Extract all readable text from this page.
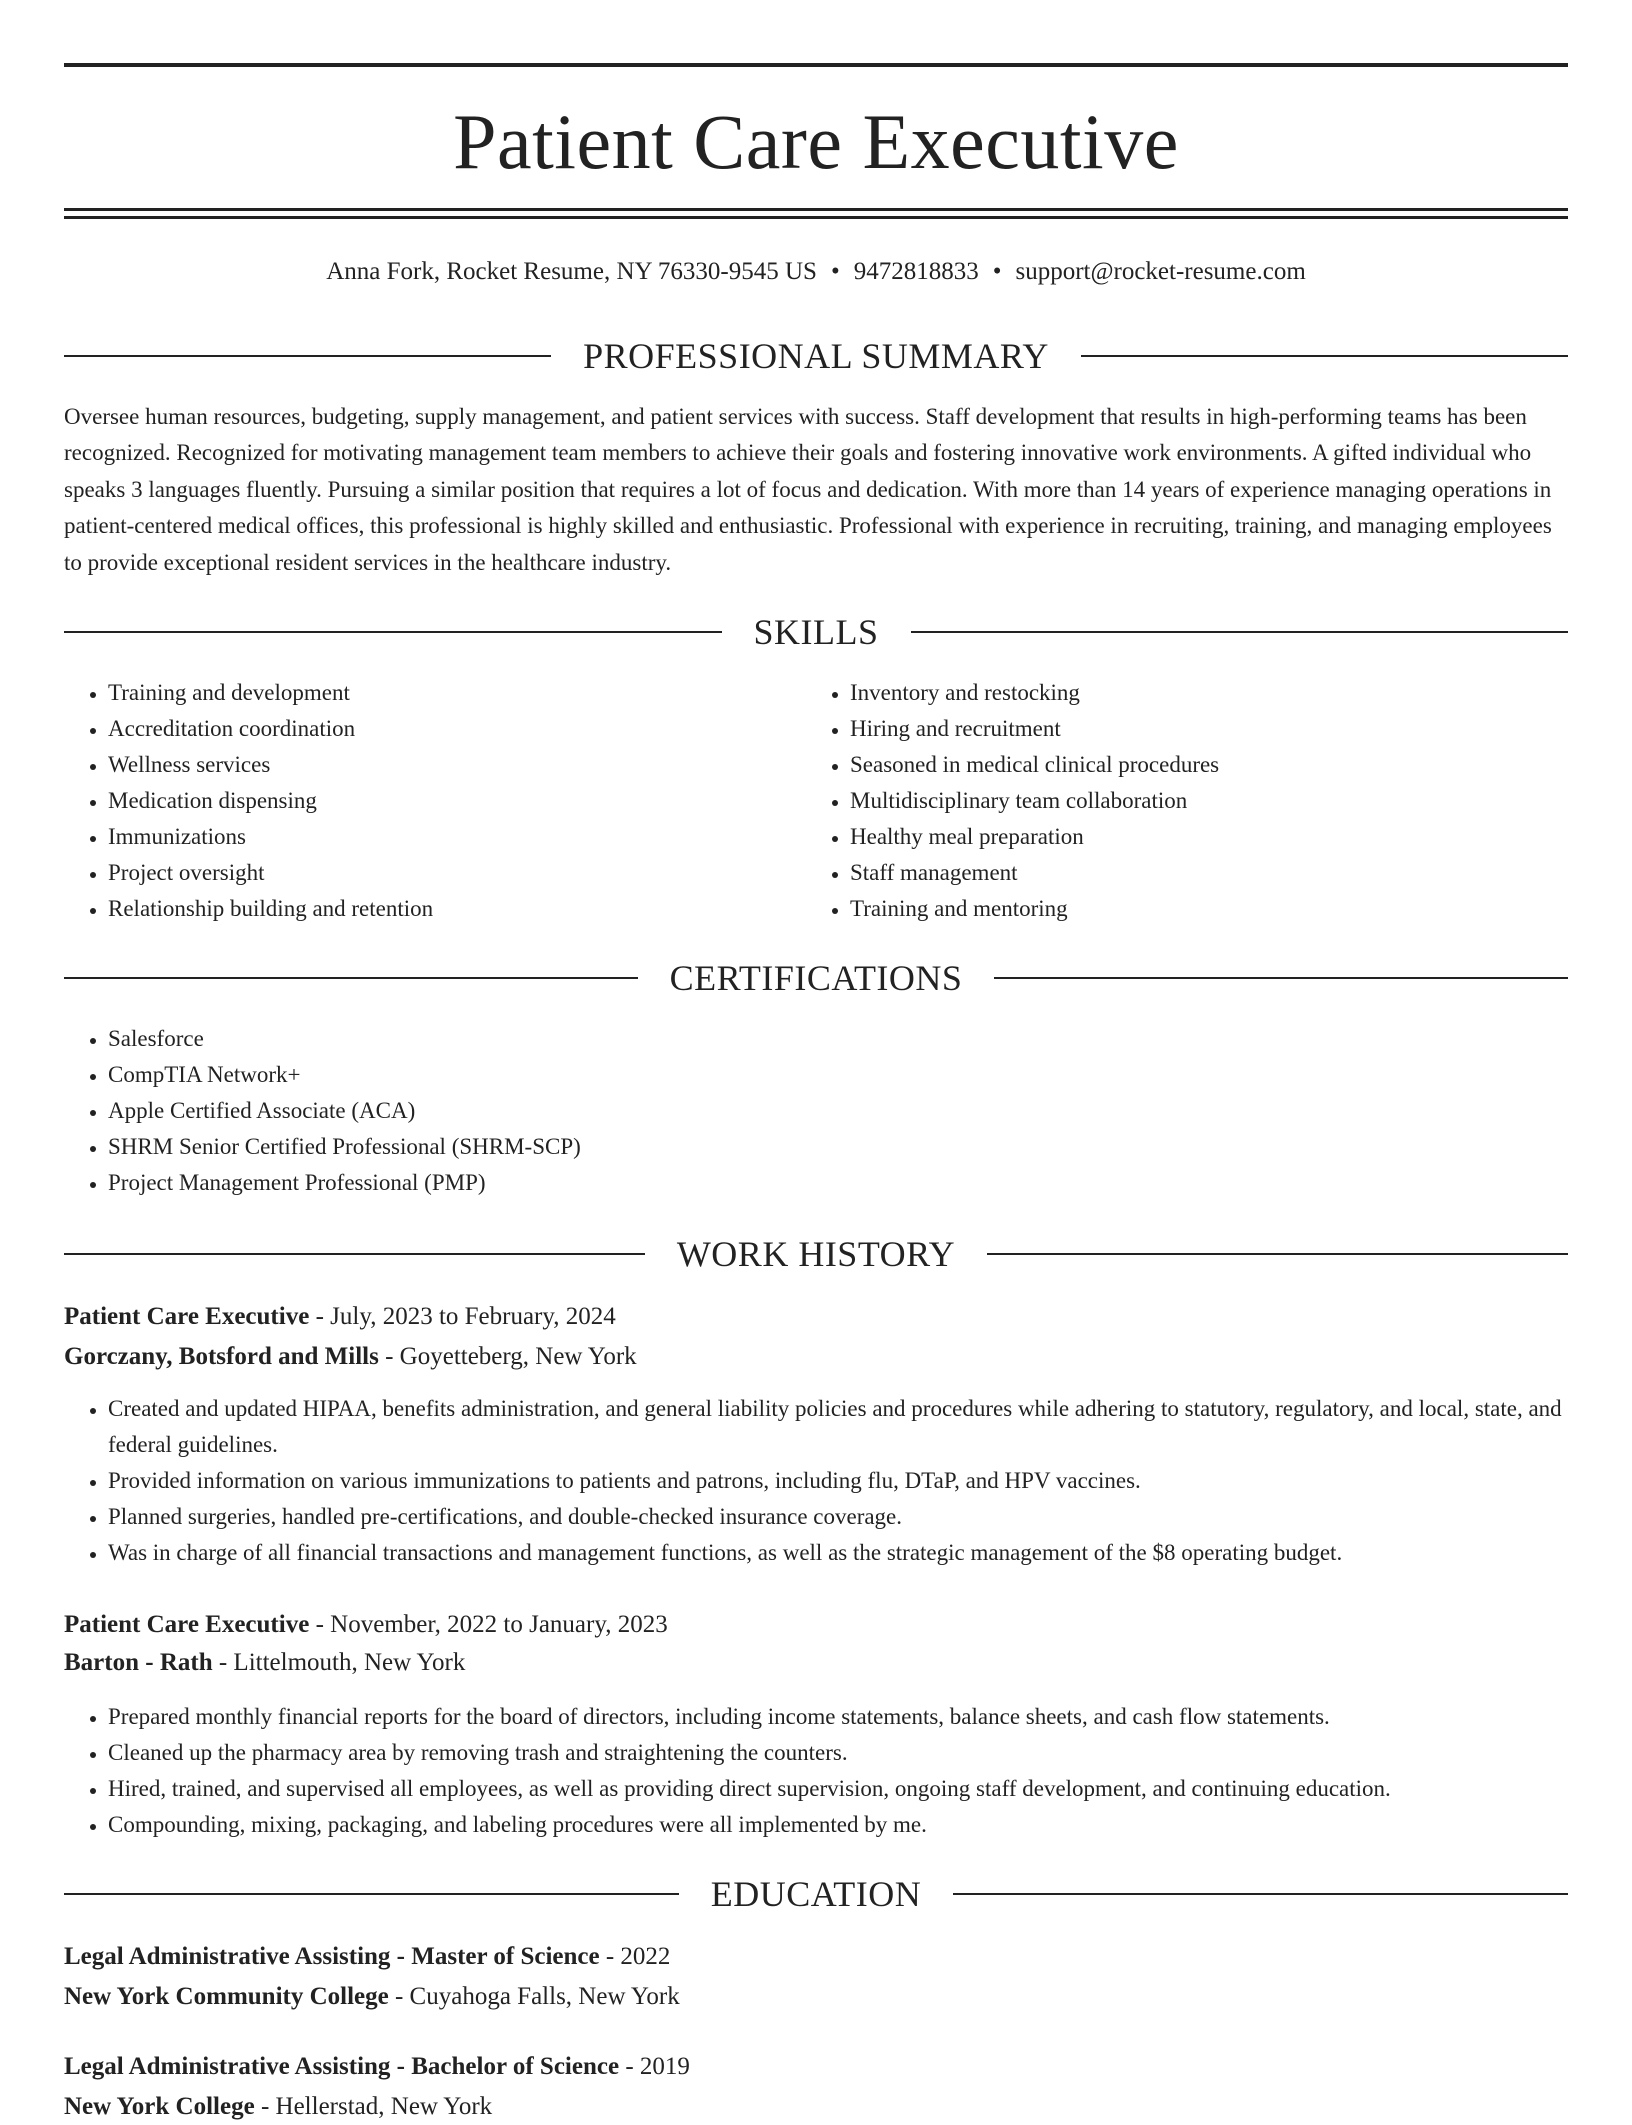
Patient Care Executive
Anna Fork, Rocket Resume, NY 76330-9545 US • 9472818833 • support@rocket-resume.com
PROFESSIONAL SUMMARY

Oversee human resources, budgeting, supply management, and patient services with success. Staff development that results in high-performing teams has been recognized. Recognized for motivating management team members to achieve their goals and fostering innovative work environments. A gifted individual who speaks 3 languages fluently. Pursuing a similar position that requires a lot of focus and dedication. With more than 14 years of experience managing operations in patient-centered medical offices, this professional is highly skilled and enthusiastic. Professional with experience in recruiting, training, and managing employees to provide exceptional resident services in the healthcare industry.

SKILLS
• Training and development
• Accreditation coordination
• Wellness services
• Medication dispensing
• Immunizations
• Project oversight
• Relationship building and retention
• Inventory and restocking
• Hiring and recruitment
• Seasoned in medical clinical procedures
• Multidisciplinary team collaboration
• Healthy meal preparation
• Staff management
• Training and mentoring
CERTIFICATIONS
• Salesforce
• CompTIA Network+
• Apple Certified Associate (ACA)
• SHRM Senior Certified Professional (SHRM-SCP)
• Project Management Professional (PMP)
WORK HISTORY
Patient Care Executive - July, 2023 to February, 2024
Gorczany, Botsford and Mills - Goyetteberg, New York
• Created and updated HIPAA, benefits administration, and general liability policies and procedures while adhering to statutory, regulatory, and local, state, and federal guidelines.
• Provided information on various immunizations to patients and patrons, including flu, DTaP, and HPV vaccines.
• Planned surgeries, handled pre-certifications, and double-checked insurance coverage.
• Was in charge of all financial transactions and management functions, as well as the strategic management of the $8 operating budget.
Patient Care Executive - November, 2022 to January, 2023
Barton - Rath - Littelmouth, New York
• Prepared monthly financial reports for the board of directors, including income statements, balance sheets, and cash flow statements.
• Cleaned up the pharmacy area by removing trash and straightening the counters.
• Hired, trained, and supervised all employees, as well as providing direct supervision, ongoing staff development, and continuing education.
• Compounding, mixing, packaging, and labeling procedures were all implemented by me.
EDUCATION
Legal Administrative Assisting - Master of Science - 2022
New York Community College - Cuyahoga Falls, New York
Legal Administrative Assisting - Bachelor of Science - 2019
New York College - Hellerstad, New York
